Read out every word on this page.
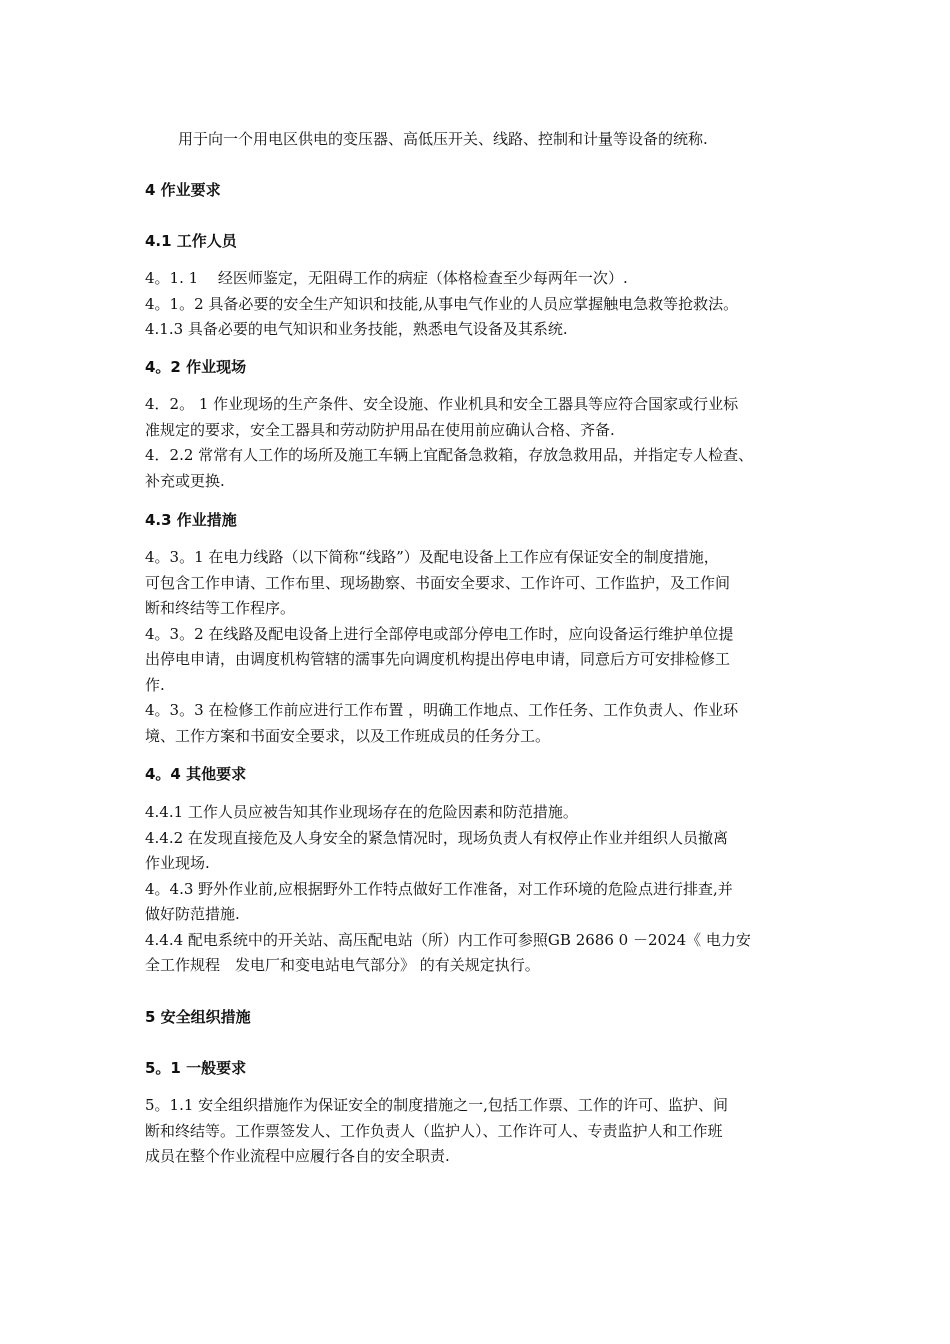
用于向一个用电区供电的变压器、高低压开关、线路、控制和计量等设备的统称.
4 作业要求
4.1 工作人员
4。1. 1　 经医师鉴定，无阻碍工作的病症（体格检查至少每两年一次）.
4。1。2 具备必要的安全生产知识和技能,从事电气作业的人员应掌握触电急救等抢救法。
4.1.3 具备必要的电气知识和业务技能，熟悉电气设备及其系统.
4。2 作业现场
4．2。 1 作业现场的生产条件、安全设施、作业机具和安全工器具等应符合国家或行业标
准规定的要求，安全工器具和劳动防护用品在使用前应确认合格、齐备.
4．2.2 常常有人工作的场所及施工车辆上宜配备急救箱，存放急救用品，并指定专人检查、
补充或更换.
4.3 作业措施
4。3。1 在电力线路（以下简称“线路”）及配电设备上工作应有保证安全的制度措施，
可包含工作申请、工作布里、现场勘察、书面安全要求、工作许可、工作监护，及工作间
断和终结等工作程序。
4。3。2 在线路及配电设备上进行全部停电或部分停电工作时，应向设备运行维护单位提
出停电申请，由调度机构管辖的濡事先向调度机构提出停电申请，同意后方可安排检修工
作.
4。3。3 在检修工作前应进行工作布置 ，明确工作地点、工作任务、工作负责人、作业环
境、工作方案和书面安全要求，以及工作班成员的任务分工。
4。4 其他要求
4.4.1 工作人员应被告知其作业现场存在的危险因素和防范措施。
4.4.2 在发现直接危及人身安全的紧急情况时，现场负责人有权停止作业并组织人员撤离
作业现场.
4。4.3 野外作业前,应根据野外工作特点做好工作准备，对工作环境的危险点进行排查,并
做好防范措施.
4.4.4 配电系统中的开关站、高压配电站（所）内工作可参照GB 2686 0 －2024《 电力安
全工作规程　发电厂和变电站电气部分》 的有关规定执行。
5 安全组织措施
5。1 一般要求
5。1.1 安全组织措施作为保证安全的制度措施之一,包括工作票、工作的许可、监护、间
断和终结等。工作票签发人、工作负责人（监护人）、工作许可人、专责监护人和工作班
成员在整个作业流程中应履行各自的安全职责.
